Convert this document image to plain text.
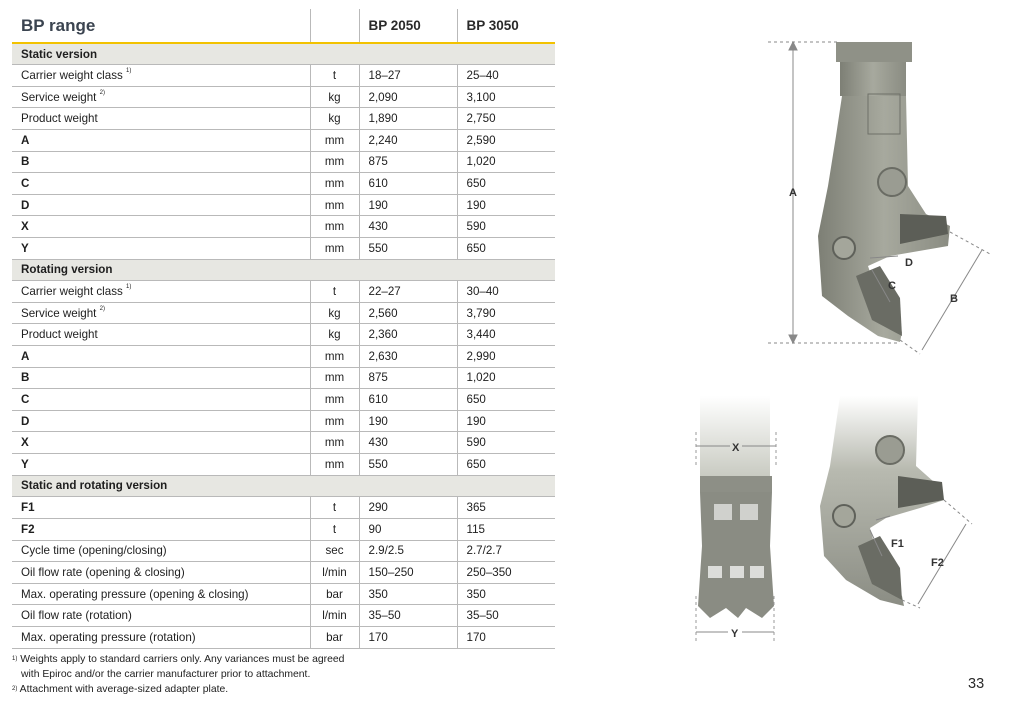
BP range		BP 2050	BP 3050
Static version			
Carrier weight class $^{1)}$	t	18–27	25–40
Service weight $^{2)}$	kg	2,090	3,100
Product weight	kg	1,890	2,750
A	mm	2,240	2,590
B	mm	875	1,020
C	mm	610	650
D	mm	190	190
X	mm	430	590
Y	mm	550	650
Rotating version			
Carrier weight class $^{1)}$	t	22–27	30–40
Service weight $^{2)}$	kg	2,560	3,790
Product weight	kg	2,360	3,440
A	mm	2,630	2,990
B	mm	875	1,020
C	mm	610	650
D	mm	190	190
X	mm	430	590
Y	mm	550	650
Static and rotating version			
F1	t	290	365
F2	t	90	115
Cycle time (opening/closing)	sec	2.9/2.5	2.7/2.7
Oil flow rate (opening & closing)	l/min	150–250	250–350
Max. operating pressure (opening & closing)	bar	350	350
Oil flow rate (rotation)	l/min	35–50	35–50
Max. operating pressure (rotation)	bar	170	170
$^{1)}$ Weights apply to standard carriers only. Any variances must be agreed
with Epiroc and/or the carrier manufacturer prior to attachment.
$^{2)}$ Attachment with average-sized adapter plate.	33
A
B
C
D
X
Y
F1
F2
